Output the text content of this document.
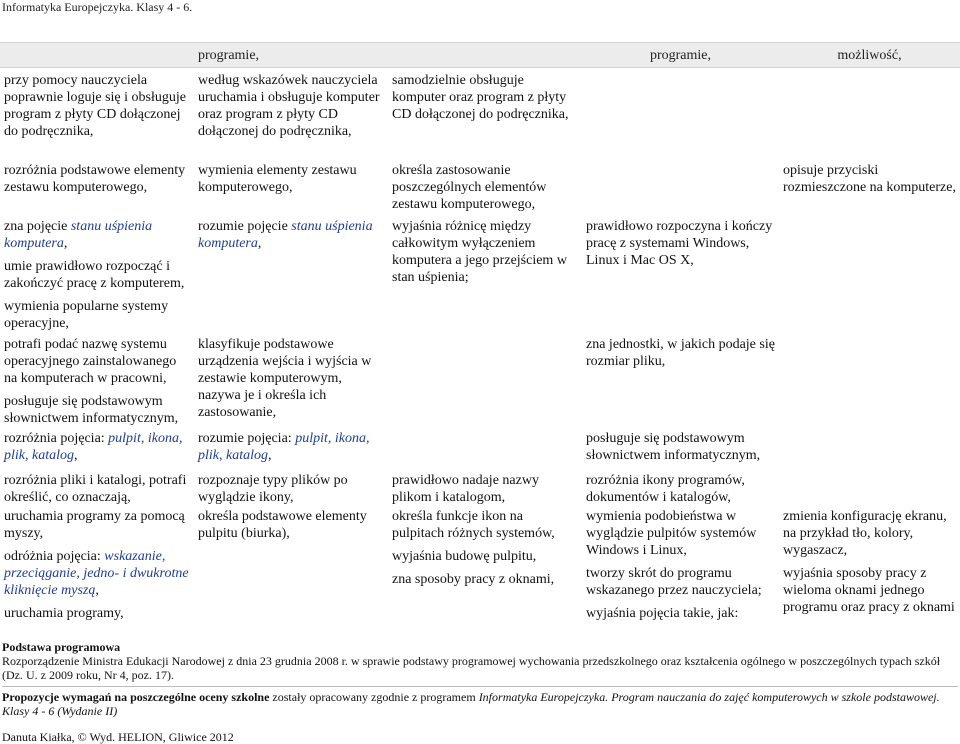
Informatyka Europejczyka. Klasy 4 - 6.
programie,	programie,	możliwość,
przy pomocy nauczyciela poprawnie loguje się i obsługuje program z płyty CD dołączonej do podręcznika,
według wskazówek nauczyciela uruchamia i obsługuje komputer oraz program z płyty CD dołączonej do podręcznika,
samodzielnie obsługuje komputer oraz program z płyty CD dołączonej do podręcznika,
rozróżnia podstawowe elementy zestawu komputerowego,
wymienia elementy zestawu komputerowego,
określa zastosowanie poszczególnych elementów zestawu komputerowego,
opisuje przyciski rozmieszczone na komputerze,

zna pojęcie stanu uśpienia komputera,

umie prawidłowo rozpocząć i zakończyć pracę z komputerem,

wymienia popularne systemy operacyjne,

rozumie pojęcie stanu uśpienia komputera,

wyjaśnia różnicę między całkowitym wyłączeniem komputera a jego przejściem w stan uśpienia;
prawidłowo rozpoczyna i kończy pracę z systemami Windows, Linux i Mac OS X,

potrafi podać nazwę systemu operacyjnego zainstalowanego na komputerach w pracowni,

posługuje się podstawowym słownictwem informatycznym,

klasyfikuje podstawowe urządzenia wejścia i wyjścia w zestawie komputerowym, nazywa je i określa ich zastosowanie,
zna jednostki, w jakich podaje się rozmiar pliku,
rozróżnia pojęcia: pulpit, ikona, plik, katalog,
rozumie pojęcia: pulpit, ikona, plik, katalog,
posługuje się podstawowym słownictwem informatycznym,
rozróżnia pliki i katalogi, potrafi określić, co oznaczają,
rozpoznaje typy plików po wyglądzie ikony,
prawidłowo nadaje nazwy plikom i katalogom,
rozróżnia ikony programów, dokumentów i katalogów,

uruchamia programy za pomocą myszy,

odróżnia pojęcia: wskazanie, przeciąganie, jedno- i dwukrotne kliknięcie myszą,

uruchamia programy,

określa podstawowe elementy pulpitu (biurka),

określa funkcje ikon na pulpitach różnych systemów,

wyjaśnia budowę pulpitu,

zna sposoby pracy z oknami,

wymienia podobieństwa w wyglądzie pulpitów systemów Windows i Linux,

tworzy skrót do programu wskazanego przez nauczyciela;

wyjaśnia pojęcia takie, jak:

zmienia konfigurację ekranu, na przykład tło, kolory, wygaszacz,

wyjaśnia sposoby pracy z wieloma oknami jednego programu oraz pracy z oknami

Podstawa programowa
Rozporządzenie Ministra Edukacji Narodowej z dnia 23 grudnia 2008 r. w sprawie podstawy programowej wychowania przedszkolnego oraz kształcenia ogólnego w poszczególnych typach szkół (Dz. U. z 2009 roku, Nr 4, poz. 17).
Propozycje wymagań na poszczególne oceny szkolne zostały opracowany zgodnie z programem Informatyka Europejczyka. Program nauczania do zajęć komputerowych w szkole podstawowej. Klasy 4 - 6 (Wydanie II)
Danuta Kiałka, © Wyd. HELION, Gliwice 2012
